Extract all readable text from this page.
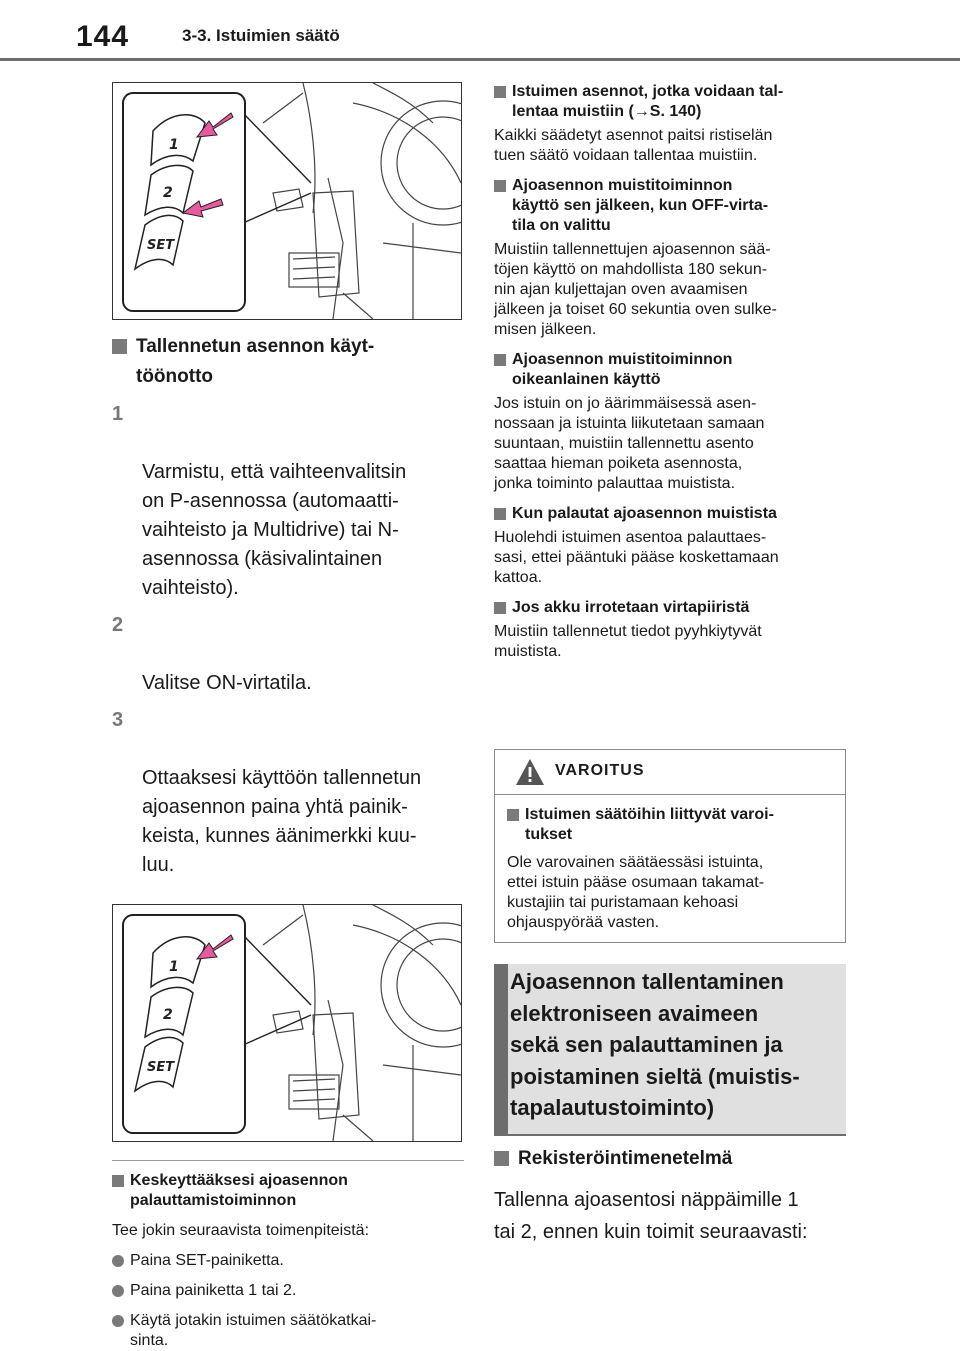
144	3-3. Istuimien säätö
1
2
SET
Tallennetun asennon käyt-
töönotto

1

Varmistu, että vaihteenvalitsin
on P-asennossa (automaatti-
vaihteisto ja Multidrive) tai N-
asennossa (käsivalintainen
vaihteisto).

2

Valitse ON-virtatila.

3

Ottaaksesi käyttöön tallennetun
ajoasennon paina yhtä painik-
keista, kunnes äänimerkki kuu-
luu.

1
2
SET
Keskeyttääksesi ajoasennon
palauttamistoiminnon
Tee jokin seuraavista toimenpiteistä:
Paina SET-painiketta.
Paina painiketta 1 tai 2.
Käytä jotakin istuimen säätökatkai-
sinta.
Istuimen asennot, jotka voidaan tal-
lentaa muistiin (→S. 140)
Kaikki säädetyt asennot paitsi ristiselän
tuen säätö voidaan tallentaa muistiin.
Ajoasennon muistitoiminnon
käyttö sen jälkeen, kun OFF-virta-
tila on valittu
Muistiin tallennettujen ajoasennon sää-
töjen käyttö on mahdollista 180 sekun-
nin ajan kuljettajan oven avaamisen
jälkeen ja toiset 60 sekuntia oven sulke-
misen jälkeen.
Ajoasennon muistitoiminnon
oikeanlainen käyttö
Jos istuin on jo äärimmäisessä asen-
nossaan ja istuinta liikutetaan samaan
suuntaan, muistiin tallennettu asento
saattaa hieman poiketa asennosta,
jonka toiminto palauttaa muistista.
Kun palautat ajoasennon muistista
Huolehdi istuimen asentoa palauttaes-
sasi, ettei pääntuki pääse koskettamaan
kattoa.
Jos akku irrotetaan virtapiiristä
Muistiin tallennetut tiedot pyyhkiytyvät
muistista.
VAROITUS
Istuimen säätöihin liittyvät varoi-
tukset
Ole varovainen säätäessäsi istuinta,
ettei istuin pääse osumaan takamat-
kustajiin tai puristamaan kehoasi
ohjauspyörää vasten.
Ajoasennon tallentaminen
elektroniseen avaimeen
sekä sen palauttaminen ja
poistaminen sieltä (muistis-
tapalautustoiminto)
Rekisteröintimenetelmä
Tallenna ajoasentosi näppäimille 1
tai 2, ennen kuin toimit seuraavasti:
